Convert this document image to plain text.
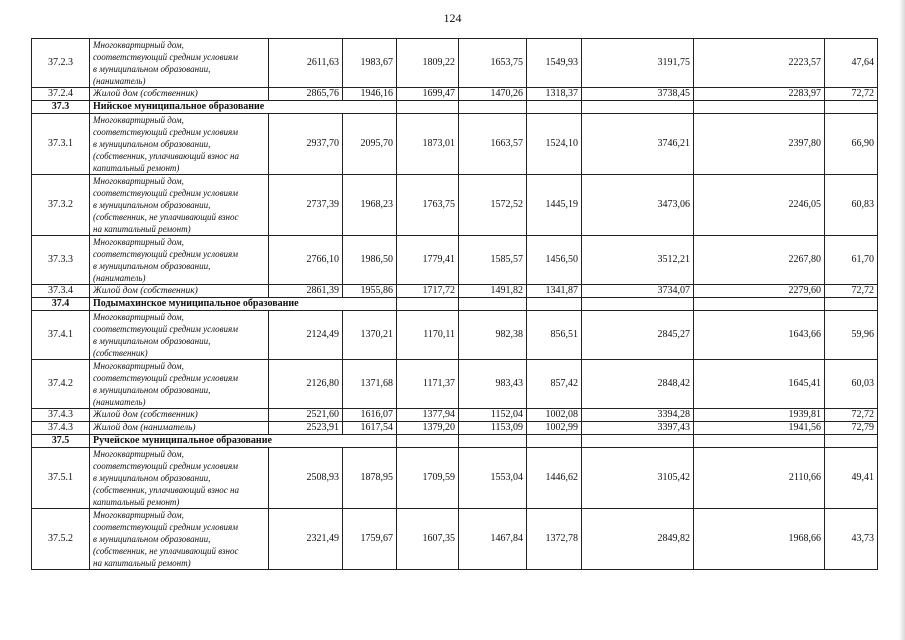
124
37.2.3	Многоквартирный дом,
соответствующий средним условиям
в муниципальном образовании,
(наниматель)	2611,63	1983,67	1809,22	1653,75	1549,93	3191,75	2223,57	47,64
37.2.4	Жилой дом (собственник)	2865,76	1946,16	1699,47	1470,26	1318,37	3738,45	2283,97	72,72
37.3	Нийское муниципальное образование								
37.3.1	Многоквартирный дом,
соответствующий средним условиям
в муниципальном образовании,
(собственник, уплачивающий взнос на
капитальный ремонт)	2937,70	2095,70	1873,01	1663,57	1524,10	3746,21	2397,80	66,90
37.3.2	Многоквартирный дом,
соответствующий средним условиям
в муниципальном образовании,
(собственник, не уплачивающий взнос
на капитальный ремонт)	2737,39	1968,23	1763,75	1572,52	1445,19	3473,06	2246,05	60,83
37.3.3	Многоквартирный дом,
соответствующий средним условиям
в муниципальном образовании,
(наниматель)	2766,10	1986,50	1779,41	1585,57	1456,50	3512,21	2267,80	61,70
37.3.4	Жилой дом (собственник)	2861,39	1955,86	1717,72	1491,82	1341,87	3734,07	2279,60	72,72
37.4	Подымахинское муниципальное образование								
37.4.1	Многоквартирный дом,
соответствующий средним условиям
в муниципальном образовании,
(собственник)	2124,49	1370,21	1170,11	982,38	856,51	2845,27	1643,66	59,96
37.4.2	Многоквартирный дом,
соответствующий средним условиям
в муниципальном образовании,
(наниматель)	2126,80	1371,68	1171,37	983,43	857,42	2848,42	1645,41	60,03
37.4.3	Жилой дом (собственник)	2521,60	1616,07	1377,94	1152,04	1002,08	3394,28	1939,81	72,72
37.4.3	Жилой дом (наниматель)	2523,91	1617,54	1379,20	1153,09	1002,99	3397,43	1941,56	72,79
37.5	Ручейское муниципальное образование								
37.5.1	Многоквартирный дом,
соответствующий средним условиям
в муниципальном образовании,
(собственник, уплачивающий взнос на
капитальный ремонт)	2508,93	1878,95	1709,59	1553,04	1446,62	3105,42	2110,66	49,41
37.5.2	Многоквартирный дом,
соответствующий средним условиям
в муниципальном образовании,
(собственник, не уплачивающий взнос
на капитальный ремонт)	2321,49	1759,67	1607,35	1467,84	1372,78	2849,82	1968,66	43,73
